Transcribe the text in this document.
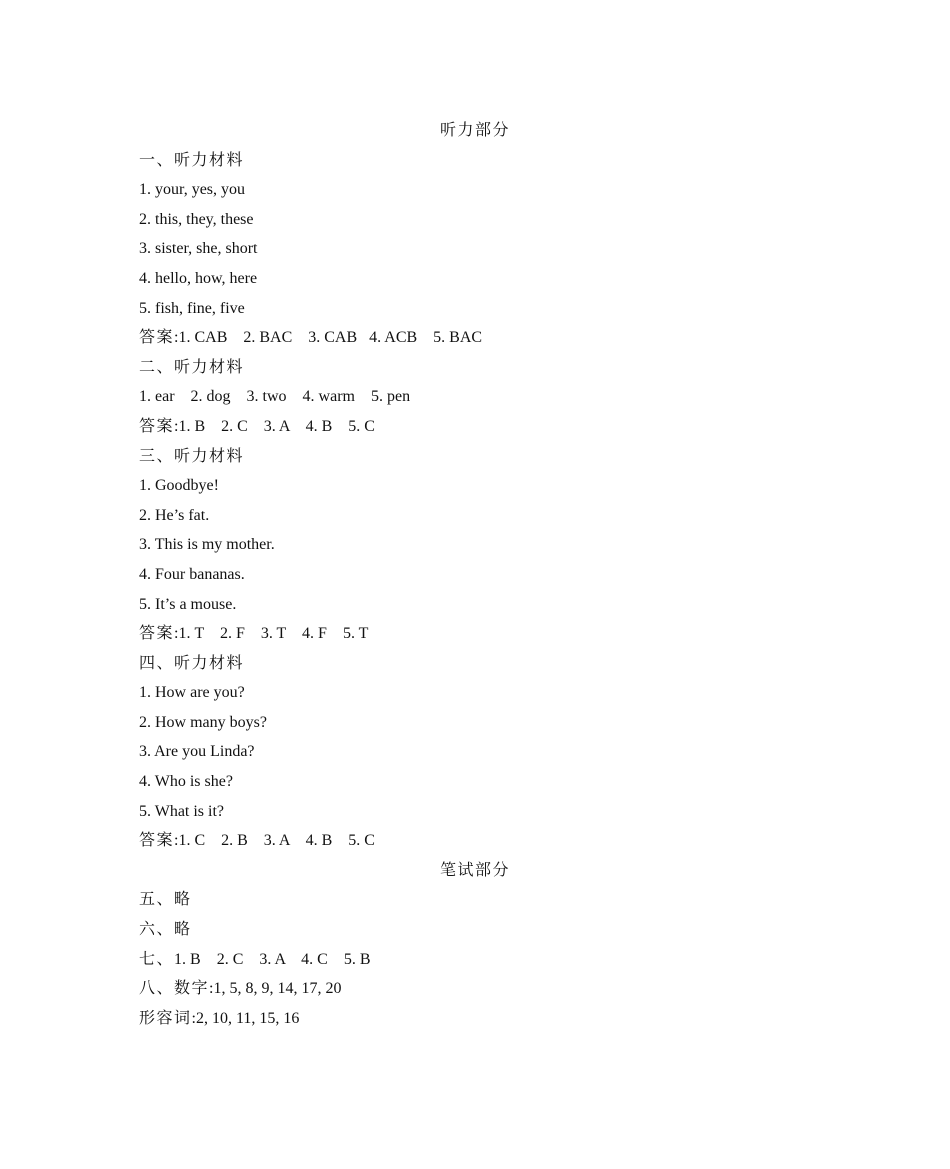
听力部分
一、听力材料
1. your, yes, you
2. this, they, these
3. sister, she, short
4. hello, how, here
5. fish, fine, five
答案:1. CAB    2. BAC    3. CAB   4. ACB    5. BAC
二、听力材料
1. ear    2. dog    3. two    4. warm    5. pen
答案:1. B    2. C    3. A    4. B    5. C
三、听力材料
1. Goodbye!
2. He’s fat.
3. This is my mother.
4. Four bananas.
5. It’s a mouse.
答案:1. T    2. F    3. T    4. F    5. T
四、听力材料
1. How are you?
2. How many boys?
3. Are you Linda?
4. Who is she?
5. What is it?
答案:1. C    2. B    3. A    4. B    5. C
笔试部分
五、略
六、略
七、1. B    2. C    3. A    4. C    5. B
八、数字:1, 5, 8, 9, 14, 17, 20
形容词:2, 10, 11, 15, 16
